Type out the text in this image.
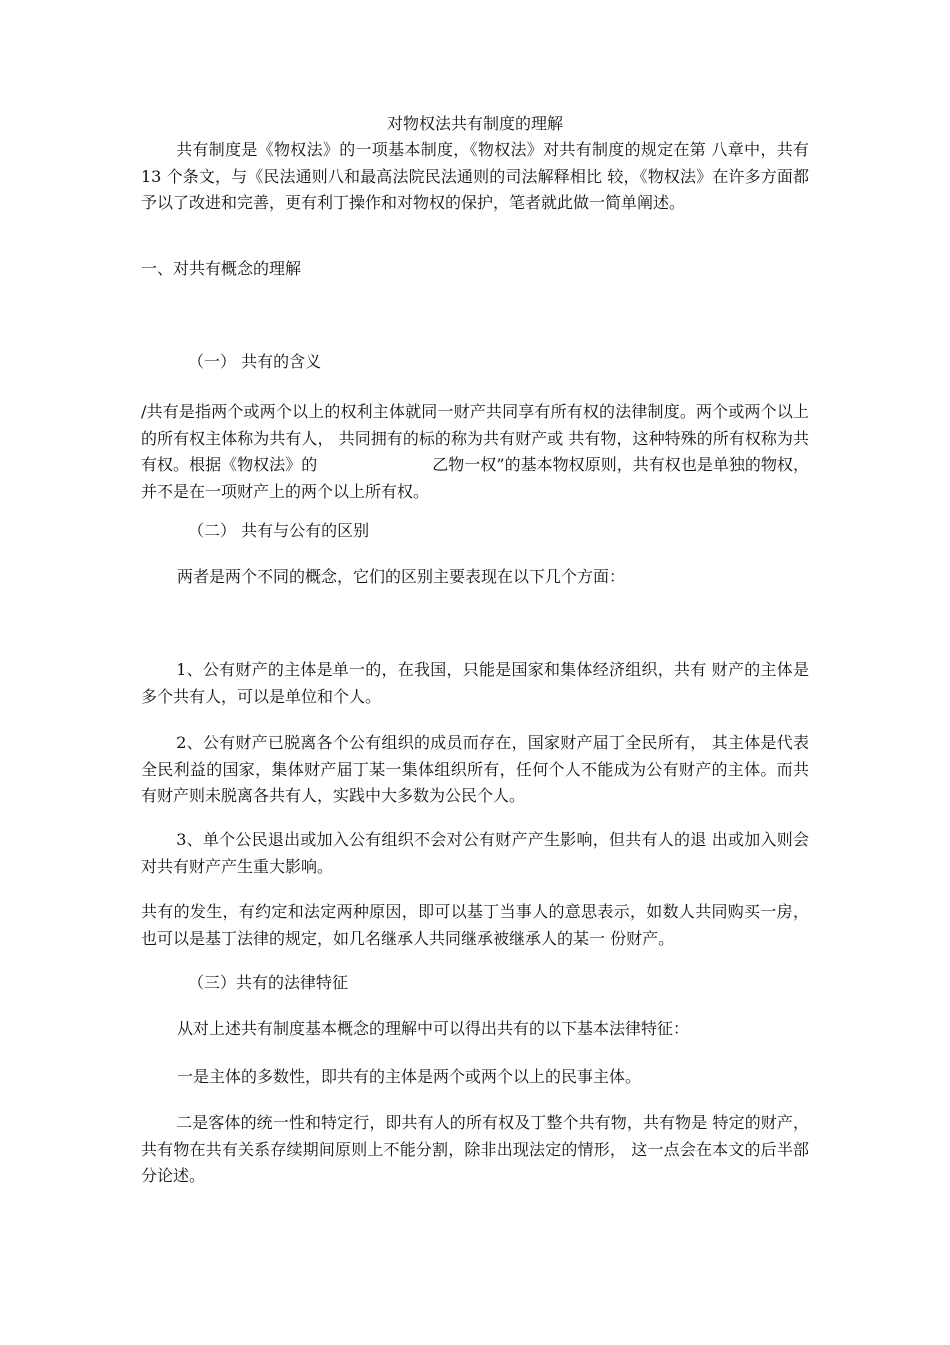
对物权法共有制度的理解

共有制度是《物权法》的一项基本制度，《物权法》对共有制度的规定在第 八章中，共有 13 个条文，与《民法通则八和最高法院民法通则的司法解释相比 较，《物权法》在许多方面都予以了改进和完善，更有利丁操作和对物权的保护，笔者就此做一简单阐述。

一、对共有概念的理解

（一） 共有的含义

/共有是指两个或两个以上的权利主体就同一财产共同享有所有权的法律制度。两个或两个以上的所有权主体称为共有人， 共同拥有的标的称为共有财产或 共有物，这种特殊的所有权称为共有权。根据《物权法》的	乙物一权”的基本物权原则，共有权也是单独的物权，并不是在一项财产上的两个以上所有权。

（二） 共有与公有的区别

两者是两个不同的概念，它们的区别主要表现在以下几个方面：

1、公有财产的主体是单一的，在我国，只能是国家和集体经济组织，共有 财产的主体是多个共有人，可以是单位和个人。

2、公有财产已脱离各个公有组织的成员而存在，国家财产届丁全民所有， 其主体是代表全民利益的国家，集体财产届丁某一集体组织所有，任何个人不能成为公有财产的主体。而共有财产则未脱离各共有人，实践中大多数为公民个人。

3、单个公民退出或加入公有组织不会对公有财产产生影响，但共有人的退 出或加入则会对共有财产产生重大影响。

共有的发生，有约定和法定两种原因，即可以基丁当事人的意思表示，如数人共同购买一房，也可以是基丁法律的规定，如几名继承人共同继承被继承人的某一 份财产。

（三）共有的法律特征

从对上述共有制度基本概念的理解中可以得出共有的以下基本法律特征：

一是主体的多数性，即共有的主体是两个或两个以上的民事主体。

二是客体的统一性和特定行，即共有人的所有权及丁整个共有物，共有物是 特定的财产，共有物在共有关系存续期间原则上不能分割，除非出现法定的情形， 这一点会在本文的后半部分论述。
